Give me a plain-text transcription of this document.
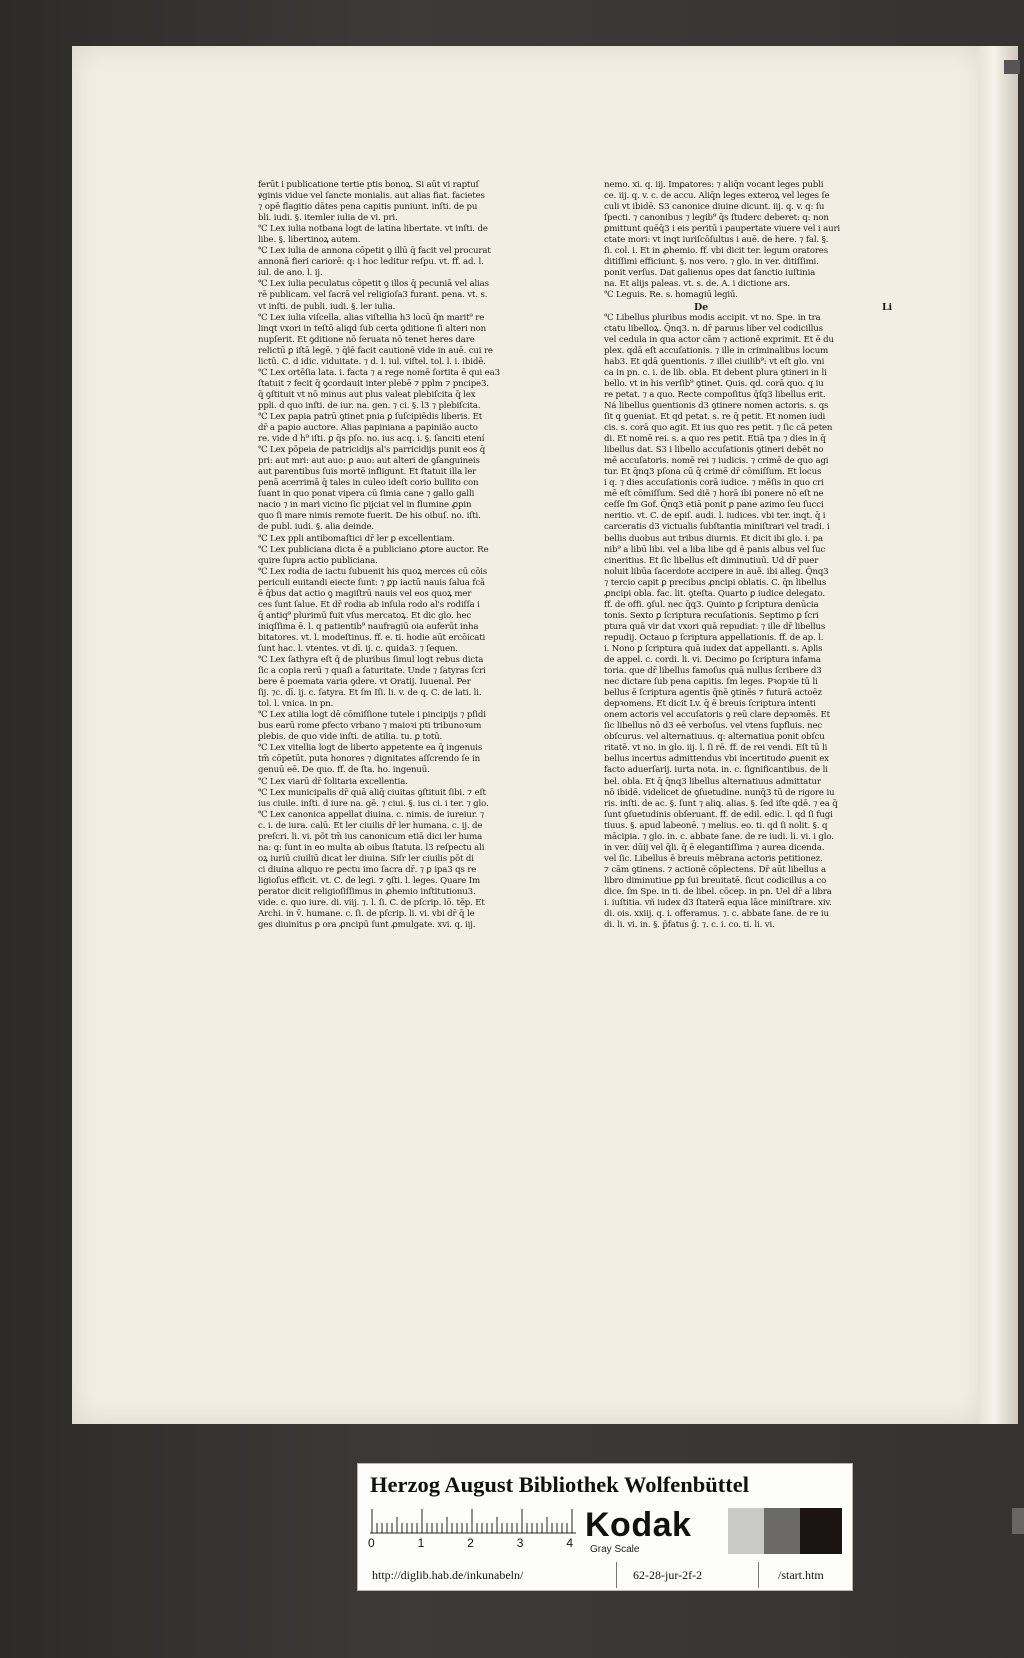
ferūt i publicatione tertie ptis bonoꝝ. Si aūt vi raptuſ

ꝟginis vidue vel ſancte monialis. aut alias fiat. facietes

⁊ opē flagitio dātes pena capitis puniunt. inſti. de pu

bli. iudi. §. itemler iulia de vi. pri.

℃ Lex iulia notbana logt de latina libertate. vt inſti. de

libe. §. libertinoꝝ autem.

℃ Lex iulia de annona cōpetit ꝯ illū q̄ facit vel procurat

annonā fieri cariorē: q: i hoc leditur reſpu. vt. ff. ad. l.

iul. de ano. l. ij.

℃ Lex iulia peculatus cōpetit ꝯ illos q̄ pecuniā vel alias

rē publicam. vel ſacrā vel religioſa3 furant. pena. vt. s.

vt inſti. de publi. iudi. §. ler iulia.

℃ Lex iulia viſcella. alias viſtellia h3 locū q̄n marit⁹ re

linqt vxori in teſtō aliqd ſub certa ꝯditione ſi alteri non

nupſerit. Et ꝯditione nō ſeruata nō tenet heres dare

relictū ꝑ iſtā legē. ⁊ q̄lē facit cautionē vide in auē. cui re

lictū. C. d idic. viduitate. ⁊ d. l. iul. viſtel. tol. l. i. ibidē.

℃ Lex ortēſia lata. i. facta ⁊ a rege nomē ſortita ē qui ea3

ſtatuit ⁊ fecit q̄ ꝯcordauit inter plebē ⁊ pplm ⁊ pncipe3.

q̄ ꝯſtituit vt nō minus aut plus valeat plebiſcita q̄ lex

ppli. d quo inſti. de iur. na. gen. ⁊ ci. §. l3 ⁊ plebiſcita.

℃ Lex papia patrū ꝯtinet pnia ꝑ ſuſcipiēdis liberis. Et

dr̄ a papio auctore. Alias papiniana a papinião aucto

re. vide d h⁹ iſti. ꝑ q̄s pſo. no. ius acq. i. §. ſanciti etení

℃ Lex pōpeia de patricidijs al's parricidijs punit eos q̄

pri: aut mri: aut auo: ꝑ auo: aut alteri de ꝯſanguineis

aut parentibus ſuis mortē infligunt. Et ſtatuit illa ler

penā acerrimā q̄ tales in culeo ideſt corio bullito con

ſuant in quo ponat vipera cū ſimia cane ⁊ gallo galli

nacio ⁊ in mari vicino ſic pijciat vel in flumine ꝓpin

quo ſi mare nimis remote fuerit. De his oibuſ. no. iſti.

de publ. iudi. §. alia deinde.

℃ Lex ppli antibomaſtici dr̄ ler ꝑ excellentiam.

℃ Lex publiciana dicta ē a publiciano ꝓtore auctor. Re

quire ſupra actio publiciana.

℃ Lex rodia de iactu ſubuenit his quoꝝ merces cū cōis

periculi euitandi eiecte ſunt: ⁊ ꝑp iactū nauis ſalua fcā

ē q̄bus dat actio ꝯ magiſtrū nauis vel eos quoꝝ mer

ces ſunt ſalue. Et dr̄ rodia ab inſula rodo al's rodiſſa i

q̄ antiq⁹ plurimū fuit vſus mercatoꝝ. Et dic glo. hec

iniqſſima ē. l. q patientib⁹ naufragiū oia auferūt inha

bitatores. vt. l. modeſtinus. ff. e. ti. hodie aūt ercōicati

ſunt hac. l. vtentes. vt dī. ij. c. quida3. ⁊ ſequen.

℃ Lex ſathyra eſt q̄ de pluribus ſimul logt rebus dicta

ſic a copia rerū ⁊ quaſi a ſaturitate. Unde ⁊ ſatyras ſcri

bere ē poemata varia ꝯdere. vt Oratij. Iuuenal. Per

ſij. ⁊c. dī. ij. c. ſatyra. Et ſm Iſi. li. v. de q. C. de lati. li.

tol. l. vnica. in pn.

℃ Lex atilia logt dē cōmiſſione tutele i pincipijs ⁊ pſidi

bus earū rome ꝑfecto vrbano ⁊ maioꝛi pti tribunoꝛum

plebis. de quo vide inſti. de atilia. tu. ꝑ totū.

℃ Lex vitellia logt de liberto appetente ea q̄ ingenuis

tm̄ cōpetūt. puta honores ⁊ dignitates aſſcrendo ſe in

genuū eē. De quo. ff. de ſta. ho. ingenuū.

℃ Lex viarū dr̄ ſolitaria excellentia.

℃ Lex municipalis dr̄ quā aliq̄ ciuitas ꝯſtituit ſibi. ⁊ eſt

ius ciuile. inſti. d iure na. gē. ⁊ ciui. §. ius ci. i ter. ⁊ glo.

℃ Lex canonica appellat diuina. c. nimis. de iureiur. ⁊

c. i. de iura. calū. Et ler ciuilis dr̄ ler humana. c. ij. de

preſcri. li. vi. pōt tm̄ ius canonicum etiā dici ler huma

na: q: ſunt in eo multa ab oibus ſtatuta. l3 reſpectu ali

oꝝ iuriū ciuiliū dicat ler diuina. Siſr ler ciuilis pōt di

ci diuina aliquo re ꝑectu imo ſacra dr̄. ⁊ ꝑ ipa3 qs re

ligioſus efficit. vt. C. de legi. ⁊ ꝯſti. l. leges. Quare Im

perator dicit religioſiſſimus in ꝓhemio inſtitutionu3.

vide. c. quo iure. di. viij. ⁊. l. ſi. C. de pſcrip. lō. tēp. Et

Archi. in v̄. humane. c. ſi. de pſcrip. li. vi. vbi dr̄ q̄ le

ges diuinitus ꝑ ora ꝓncipū ſunt ꝓmulgate. xvi. q. iij.

nemo. xi. q. iij. Imꝑatores: ⁊ aliq̄n vocant leges publi

ce. iij. q. v. c. de accu. Aliq̄n leges exteroꝝ vel leges ſe

culi vt ibidē. S3 canonice diuine dicunt. iij. q. v. q: ſu

ſpecti. ⁊ canonibus ⁊ legib⁹ q̄s ſtuderc deberet: q: non

ꝑmittunt quēq̄3 i eis peritū i paupertate viuere vel i auri

ctate mori: vt inqt iuriſcōſultus i auē. de here. ⁊ fal. §.

ſi. col. i. Et in ꝓhemio. ff. vbi dicit ter. legum oratores

ditiſſimi efficiunt. §. nos vero. ⁊ glo. in ver. ditiſſimi.

ponit verſus. Dat galienus opes dat ſanctio iuſtinia

na. Et alijs paleas. vt. s. de. A. i dictione ars.

℃ Leguis. Re. s. homagiū legiū.

De	Li

℃ Libellus pluribus modis accipit. vt no. Spe. in tra

ctatu libelloꝝ. Q̄nq3. n. dr̄ paruus liber vel codicillus

vel cedula in qua actor cām ⁊ actionē exprimit. Et ē du

plex. qdā eſt accuſationis. ⁊ ille in criminalibus locum

hab3. Et qdā ꝯuentionis. ⁊ illei ciuilib⁹: vt eſt glo. vni

ca in pn. c. i. de lib. obla. Et debent plura ꝯtineri in li

bello. vt in his verſib⁹ ꝯtinet. Quis. qd. corā quo. q iu

re petat. ⁊ a quo. Recte compoſitus q̄ſq3 libellus erit.

Ná libellus ꝯuentionis d3 ꝯtinere nomen actoris. s. qs

ſit q ꝯueniat. Et qd petat. s. re q̄ petit. Et nomen iudi

cis. s. corā quo agit. Et ius quo res petit. ⁊ ſic cā peten

di. Et nomē rei. s. a quo res petit. Etiā tpa ⁊ dies in q̄

libellus dat. S3 i libello accuſationis ꝯtineri debēt no

mē accuſatoris. nomē rei ⁊ iudicis. ⁊ crimē de quo agi

tur. Et q̄nq3 pſona cū q̄ crimē dr̄ cōmiſſum. Et locus

i q. ⁊ dies accuſationis corā iudice. ⁊ mēſis in quo cri

mē eſt cōmiſſum. Sed diē ⁊ horā ibi ponere nō eſt ne

ceſſe ſm Gof. Q̄nq3 etiā ponit ꝑ pane azimo ſeu ſucci

neritio. vt. C. de epiſ. audi. l. iudices. vbi ter. inqt. q̄ i

carceratis d3 victualis ſubſtantia miniſtrari vel tradi. i

bellis duobus aut tribus diurnis. Et dicit ibi glo. i. pa

nib⁹ a libū libi. vel a liba libe qd ē panis albus vel ſuc

cineritius. Et ſic libellus eſt diminutiuū. Ud dr̄ puer

noluit libūa ſacerdote accipere in auē. ibi alleg. Q̄nq3

⁊ tercio capit ꝑ precibus ꝓncipi oblatis. C. q̄n libellus

ꝓncipi obla. fac. lit. ꝯteſta. Quarto ꝑ iudice delegato.

ff. de offi. ꝯſul. nec q̄q3. Quinto ꝑ ſcriptura denūcia

tonis. Sexto ꝑ ſcriptura recuſationis. Septimo ꝑ ſcri

ptura quā vir dat vxori quā repudiat: ⁊ ille dr̄ libellus

repudij. Octauo ꝑ ſcriptura appellationis. ff. de ap. l.

i. Nono ꝑ ſcriptura quā iudex dat appellanti. s. Aplis

de appel. c. cordi. li. vi. Decimo ꝑo ſcriptura infama

toria. que dr̄ libellus famoſus quā nullus ſcribere d3

nec dictare ſub pena capitis. ſm leges. Pꝛopꝛie tū li

bellus ē ſcriptura agentis q̄nē ꝯtinēs ⁊ futurā actoēz

depꝛomens. Et dicit Lv. q̄ ē breuis ſcriptura intenti

onem actoris vel accuſatoris ꝯ reū clare depꝛomēs. Et

ſic libellus nō d3 eē verboſus. vel vtens ſupfluis. nec

obſcurus. vel alternatiuus. q: alternatiua ponit obſcu

ritatē. vt no. in glo. iij. l. ſi rē. ff. de rei vendi. Eſt tū li

bellus incertus admittendus vbi incertitudo ꝓuenit ex

facto aduerſarij. iurta nota. in. c. ſignificantibus. de li

bel. obla. Et q̄ q̄nq3 libellus alternatiuus admittatur

nō ibidē. videlicet de ꝯſuetudine. nunq̄3 tū de rigore iu

ris. inſti. de ac. §. ſunt ⁊ aliꝗ. alias. §. ſed iſte qdē. ⁊ ea q̄

ſunt ꝯſuetudinis obſeruant. ff. de edil. edic. l. qd ſi fugi

tiuus. §. apud labeonē. ⁊ melius. eo. ti. qd ſi nolit. §. q

mācipia. ⁊ glo. in. c. abbate ſane. de re iudi. li. vi. i glo.

in ver. dūij vel q̄li. q̄ ē elegantiſſima ⁊ aurea dicenda.

vel ſic. Libellus ē breuis mēbrana actoris petitionez.

⁊ cām ꝯtinens. ⁊ actionē cōplectens. Dr̄ aūt libellus a

libro diminutiue ꝑp ſui breuitatē. ſicut codicillus a co

dice. ſm Spe. in ti. de libel. cōcep. in pn. Uel dr̄ a libra

i. iuſtitia. vñ iudex d3 ſtaterā equa lāce miniſtrare. xiv.

di. ois. xxiij. q. i. offeramus. ⁊. c. abbate ſane. de re iu

di. li. vi. in. §. p̄fatus ḡ. ⁊. c. i. co. ti. li. vi.

Herzog August Bibliothek Wolfenbüttel
0	1	2	3	4 Kodak
Gray Scale
http://diglib.hab.de/inkunabeln/	62-28-jur-2f-2	/start.htm
